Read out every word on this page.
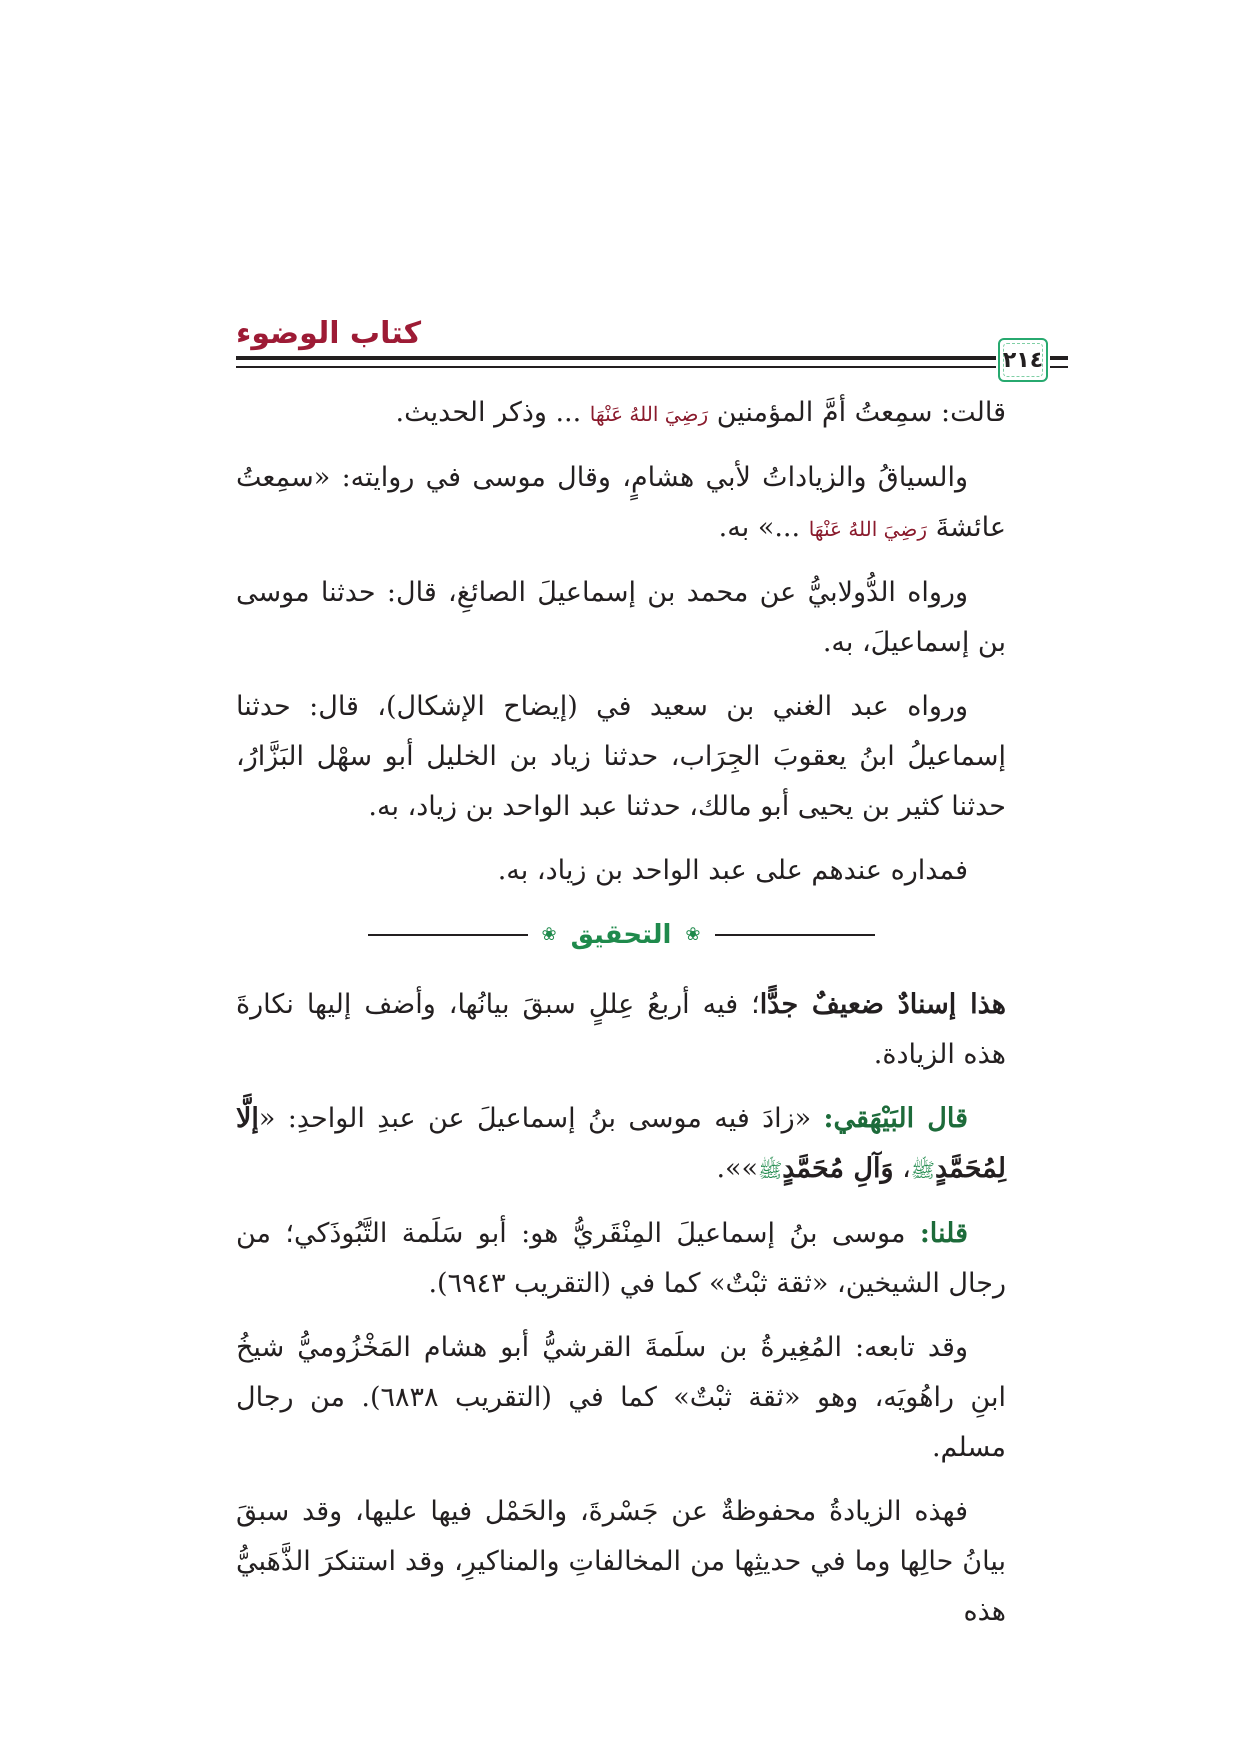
كتاب الوضوء
٢١٤

قالت: سمِعتُ أمَّ المؤمنين رَضِيَ اللهُ عَنْهَا ... وذكر الحديث.

والسياقُ والزياداتُ لأبي هشامٍ، وقال موسى في روايته: «سمِعتُ عائشةَ رَضِيَ اللهُ عَنْهَا ...» به.

ورواه الدُّولابيُّ عن محمد بن إسماعيلَ الصائغِ، قال: حدثنا موسى بن إسماعيلَ، به.

ورواه عبد الغني بن سعيد في (إيضاح الإشكال)، قال: حدثنا إسماعيلُ ابنُ يعقوبَ الجِرَاب، حدثنا زياد بن الخليل أبو سهْل البَزَّارُ، حدثنا كثير بن يحيى أبو مالك، حدثنا عبد الواحد بن زياد، به.

فمداره عندهم على عبد الواحد بن زياد، به.

❀
التحقيق
❀

هذا إسنادٌ ضعيفٌ جدًّا؛ فيه أربعُ عِللٍ سبقَ بيانُها، وأضف إليها نكارةَ هذه الزيادة.

قال البَيْهَقي: «زادَ فيه موسى بنُ إسماعيلَ عن عبدِ الواحدِ: «إلَّا لِمُحَمَّدٍﷺ، وَآلِ مُحَمَّدٍﷺ»».

قلنا: موسى بنُ إسماعيلَ المِنْقَريُّ هو: أبو سَلَمة التَّبُوذَكي؛ من رجال الشيخين، «ثقة ثبْتٌ» كما في (التقريب ٦٩٤٣).

وقد تابعه: المُغِيرةُ بن سلَمةَ القرشيُّ أبو هشام المَخْزُوميُّ شيخُ ابنِ راهُويَه، وهو «ثقة ثبْتٌ» كما في (التقريب ٦٨٣٨). من رجال مسلم.

فهذه الزيادةُ محفوظةٌ عن جَسْرةَ، والحَمْل فيها عليها، وقد سبقَ بيانُ حالِها وما في حديثِها من المخالفاتِ والمناكيرِ، وقد استنكرَ الذَّهَبيُّ هذه
